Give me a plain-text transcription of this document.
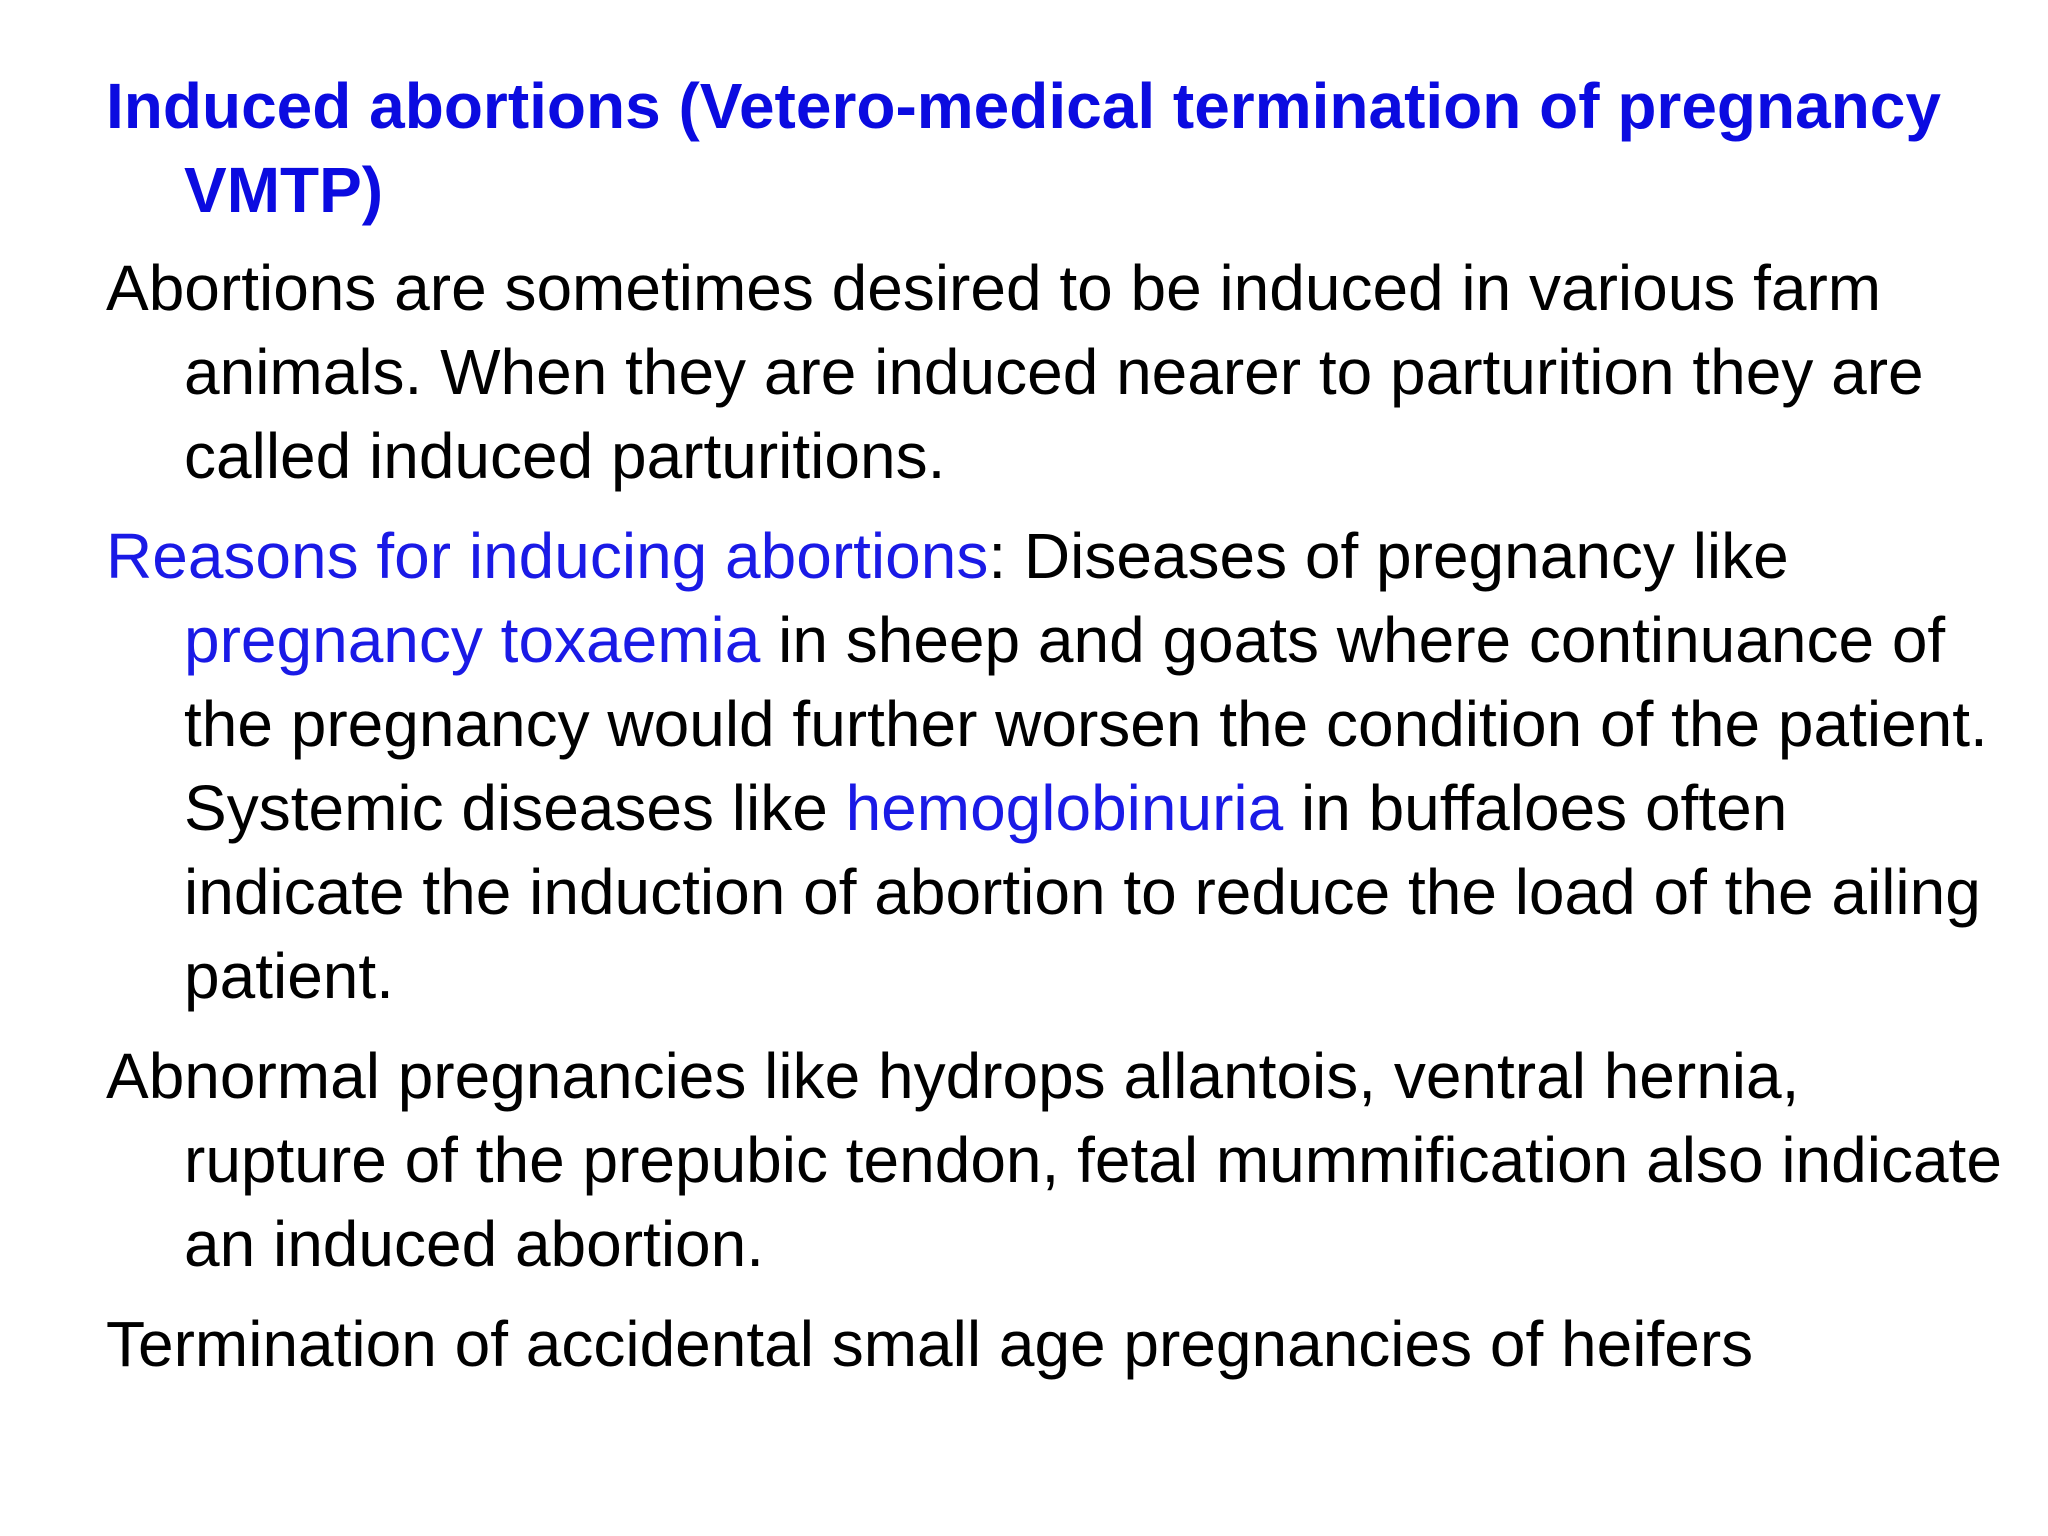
Induced abortions (Vetero-medical termination of pregnancy VMTP)

Abortions are sometimes desired to be induced in various farm animals. When they are induced nearer to parturition they are called induced parturitions.

Reasons for inducing abortions: Diseases of pregnancy like pregnancy toxaemia in sheep and goats where continuance of the pregnancy would further worsen the condition of the patient. Systemic diseases like hemoglobinuria in buffaloes often indicate the induction of abortion to reduce the load of the ailing patient.

Abnormal pregnancies like hydrops allantois, ventral hernia, rupture of the prepubic tendon, fetal mummification also indicate an induced abortion.

Termination of accidental small age pregnancies of heifers
